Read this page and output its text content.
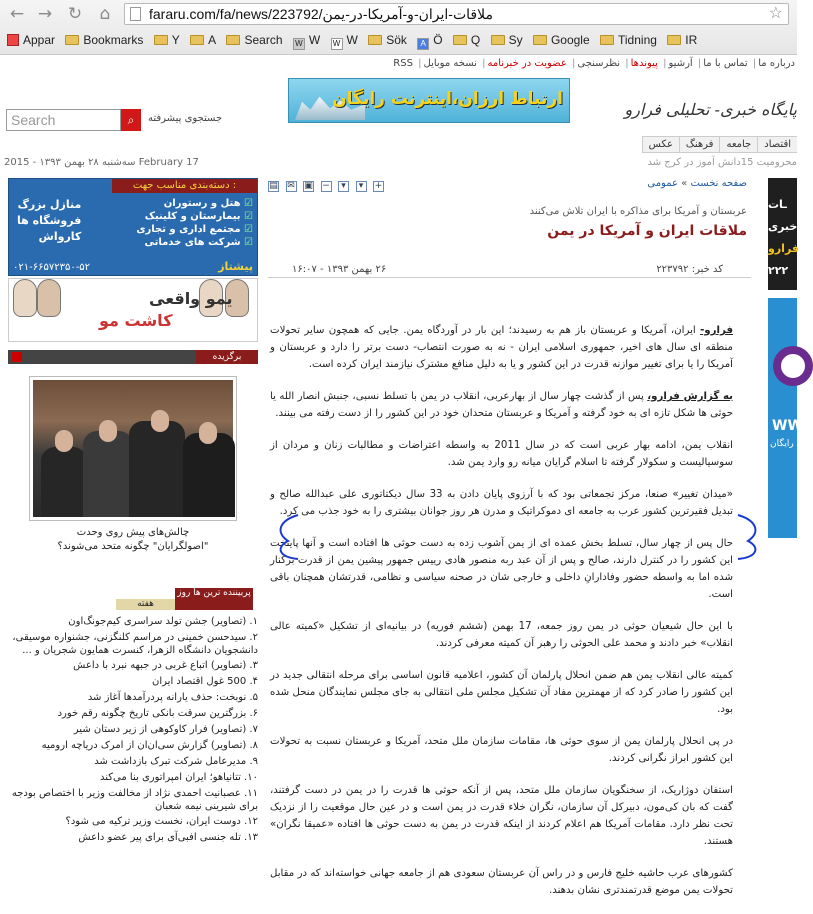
← → ↻	⌂	fararu.com/fa/news/223792/ملاقات-ایران-و-آمریکا-در-یمن	☆
Appar Bookmarks Y A Search W W W W Sök A Ö Q Sy Google Tidning IR
درباره ما| تماس با ما| آرشیو| پیوندها| نظرسنجی| عضویت در خبرنامه| نسخه موبایل| RSS
ارتباط ارزان،اینترنت رایگان
پایگاه خبری- تحلیلی فرارو
Search	⌕	جستجوی پیشرفته
اقتصادجامعهفرهنگعکس
سه‌شنبه ۲۸ بهمن ۱۳۹۳ - 2015 February 17	محرومیت 15دانش آموز در کرج شد
دسته‌بندی مناسب جهت :
☑ هتل و رستوران
☑ بیمارستان و کلینیک
☑ مجتمع اداری و تجاری
☑ شرکت های خدماتی
منازل بزرگ
فروشگاه ها
کارواش
۰۲۱-۶۶۵۷۲۳۵۰-۵۲	پیشتاز
یمو واقعی
کاشت مو
برگزیده
چالش‌های پیش روی وحدت
"اصولگرایان" چگونه متحد می‌شوند؟
هفته
پربیننده ترین ها روز
۱. (تصاویر) جشن تولد سراسری کیم‌جونگ‌اون
۲. سیدحسن خمینی در مراسم کلنگزنی، جشنواره موسیقی، دانشجویان دانشگاه الزهرا، کنسرت همایون شجریان و ...
۳. (تصاویر) اتباع غربی در جبهه نبرد با داعش
۴. 500 غول اقتصاد ایران
۵. نوبخت: حذف یارانه پردرآمدها آغاز شد
۶. بزرگترین سرقت بانکی تاریخ چگونه رقم خورد
۷. (تصاویر) فرار کاوکوهی از زیر دستان شیر
۸. (تصاویر) گزارش سی‌ان‌ان از امرک دریاچه ارومیه
۹. مدیرعامل شرکت تبرک بازداشت شد
۱۰. تتانیاهو؛ ایران امپراتوری بنا می‌کند
۱۱. عصبانیت احمدی نژاد از مخالفت وزیر با اختصاص بودجه برای شیرینی نیمه شعبان
۱۲. دوست ایران، نخست وزیر ترکیه می شود؟
۱۳. تله جنسی افبی‌آی برای پیر عضو داعش
▤ ✉ ▣ − ▾ ▾ +	صفحه نخست » عمومی
عربستان و آمریکا برای مذاکره با ایران تلاش می‌کنند
ملاقات ایران و آمریکا در یمن
کد خبر: ۲۲۳۷۹۲
۲۶ بهمن ۱۳۹۳ - ۱۶:۰۷

فرارو- ایران، آمریکا و عربستان باز هم به رسیدند؛ این بار در آوردگاه یمن. جایی که همچون سایر تحولات منطقه ای سال های اخیر، جمهوری اسلامی ایران - نه به صورت انتصاب- دست برتر را دارد و عربستان و آمریکا را یا برای تغییر موازنه قدرت در این کشور و یا به دلیل منافع مشترک نیازمند ایران کرده است.

به گزارش فرارو، پس از گذشت چهار سال از بهارعربی، انقلاب در یمن با تسلط نسبی، جنبش انصار الله یا حوثی ها شکل تازه ای به خود گرفته و آمریکا و عربستان متحدان خود در این کشور را از دست رفته می بینند.

انقلاب یمن، ادامه بهار عربی است که در سال 2011 به واسطه اعتراضات و مطالبات زنان و مردان از سوسیالیست و سکولار گرفته تا اسلام گرایان میانه رو وارد یمن شد.

«میدان تغییر» صنعا، مرکز تجمعاتی بود که با آرزوی پایان دادن به 33 سال دیکتاتوری علی عبدالله صالح و تبدیل فقیرترین کشور عرب به جامعه ای دموکراتیک و مدرن هر روز جوانان بیشتری را به خود جذب می کرد.

حال پس از چهار سال، تسلط بخش عمده ای از یمن آشوب زده به دست حوثی ها افتاده است و آنها پایتخت این کشور را در کنترل دارند، صالح و پس از آن عبد ربه منصور هادی رییس جمهور پیشین یمن از قدرت برکنار شده اما به واسطه حضور وفادارانِ داخلی و خارجی شان در صحنه سیاسی و نظامی، قدرتشان همچنان باقی است.

با این حال شیعیان حوثی در یمن روز جمعه، 17 بهمن (ششم فوریه) در بیانیه‌ای از تشکیل «کمیته عالی انقلاب» خبر دادند و محمد علی الحوثی را رهبر آن کمیته معرفی کردند.

کمیته عالی انقلاب یمن هم ضمن انحلال پارلمان آن کشور، اعلامیه قانون اساسی برای مرحله انتقالی جدید در این کشور را صادر کرد که از مهمترین مفاد آن تشکیل مجلس ملی انتقالی به جای مجلس نمایندگان منحل شده بود.

در پی انحلال پارلمان یمن از سوی حوثی ها، مقامات سازمان ملل متحد، آمریکا و عربستان نسبت به تحولات این کشور ابراز نگرانی کردند.

استفان دوژاریک، از سخنگویان سازمان ملل متحد، پس از آنکه حوثی ها قدرت را در یمن در دست گرفتند، گفت که بان کی‌مون، دبیرکل آن سازمان، نگران خلاء قدرت در یمن است و در عین حال موقعیت را از نزدیک تحت نظر دارد. مقامات آمریکا هم اعلام کردند از اینکه قدرت در یمن به دست حوثی ها افتاده «عمیقا نگران» هستند.

کشورهای عرب حاشیه خلیج فارس و در راس آن عربستان سعودی هم از جامعه جهانی خواسته‌اند که در مقابل تحولات یمن موضع قدرتمندتری نشان بدهند.

ـات
خبری
فرارو
۲۲۲
WW
رایگان
